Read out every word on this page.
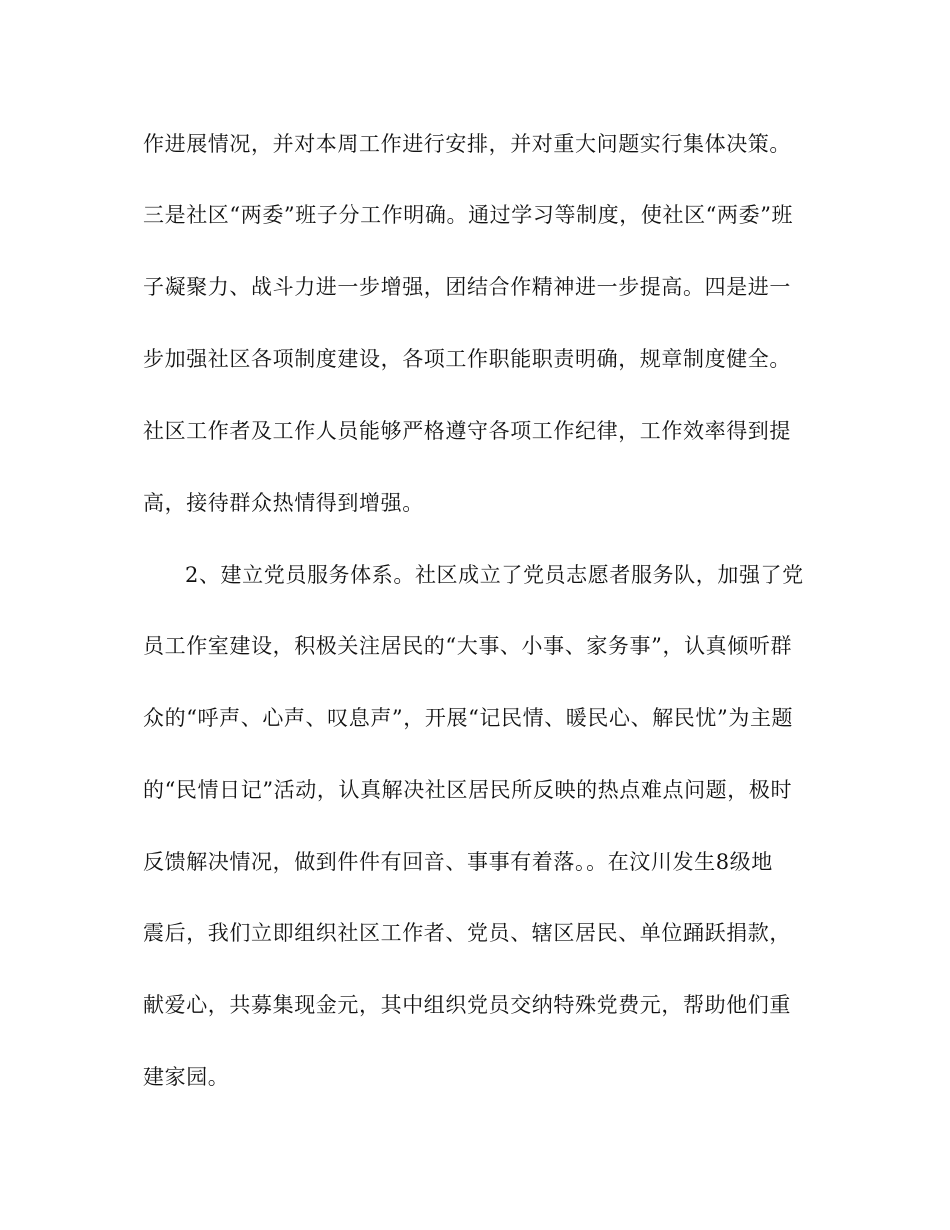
作进展情况，并对本周工作进行安排，并对重大问题实行集体决策。
三是社区“两委”班子分工作明确。通过学习等制度，使社区“两委”班
子凝聚力、战斗力进一步增强，团结合作精神进一步提高。四是进一
步加强社区各项制度建设，各项工作职能职责明确，规章制度健全。
社区工作者及工作人员能够严格遵守各项工作纪律，工作效率得到提
高，接待群众热情得到增强。
2、建立党员服务体系。社区成立了党员志愿者服务队，加强了党
员工作室建设，积极关注居民的“大事、小事、家务事”，认真倾听群
众的“呼声、心声、叹息声”，开展“记民情、暖民心、解民忧”为主题
的“民情日记”活动，认真解决社区居民所反映的热点难点问题，极时
反馈解决情况，做到件件有回音、事事有着落。。在汶川发生8级地
震后，我们立即组织社区工作者、党员、辖区居民、单位踊跃捐款，
献爱心，共募集现金元，其中组织党员交纳特殊党费元，帮助他们重
建家园。
